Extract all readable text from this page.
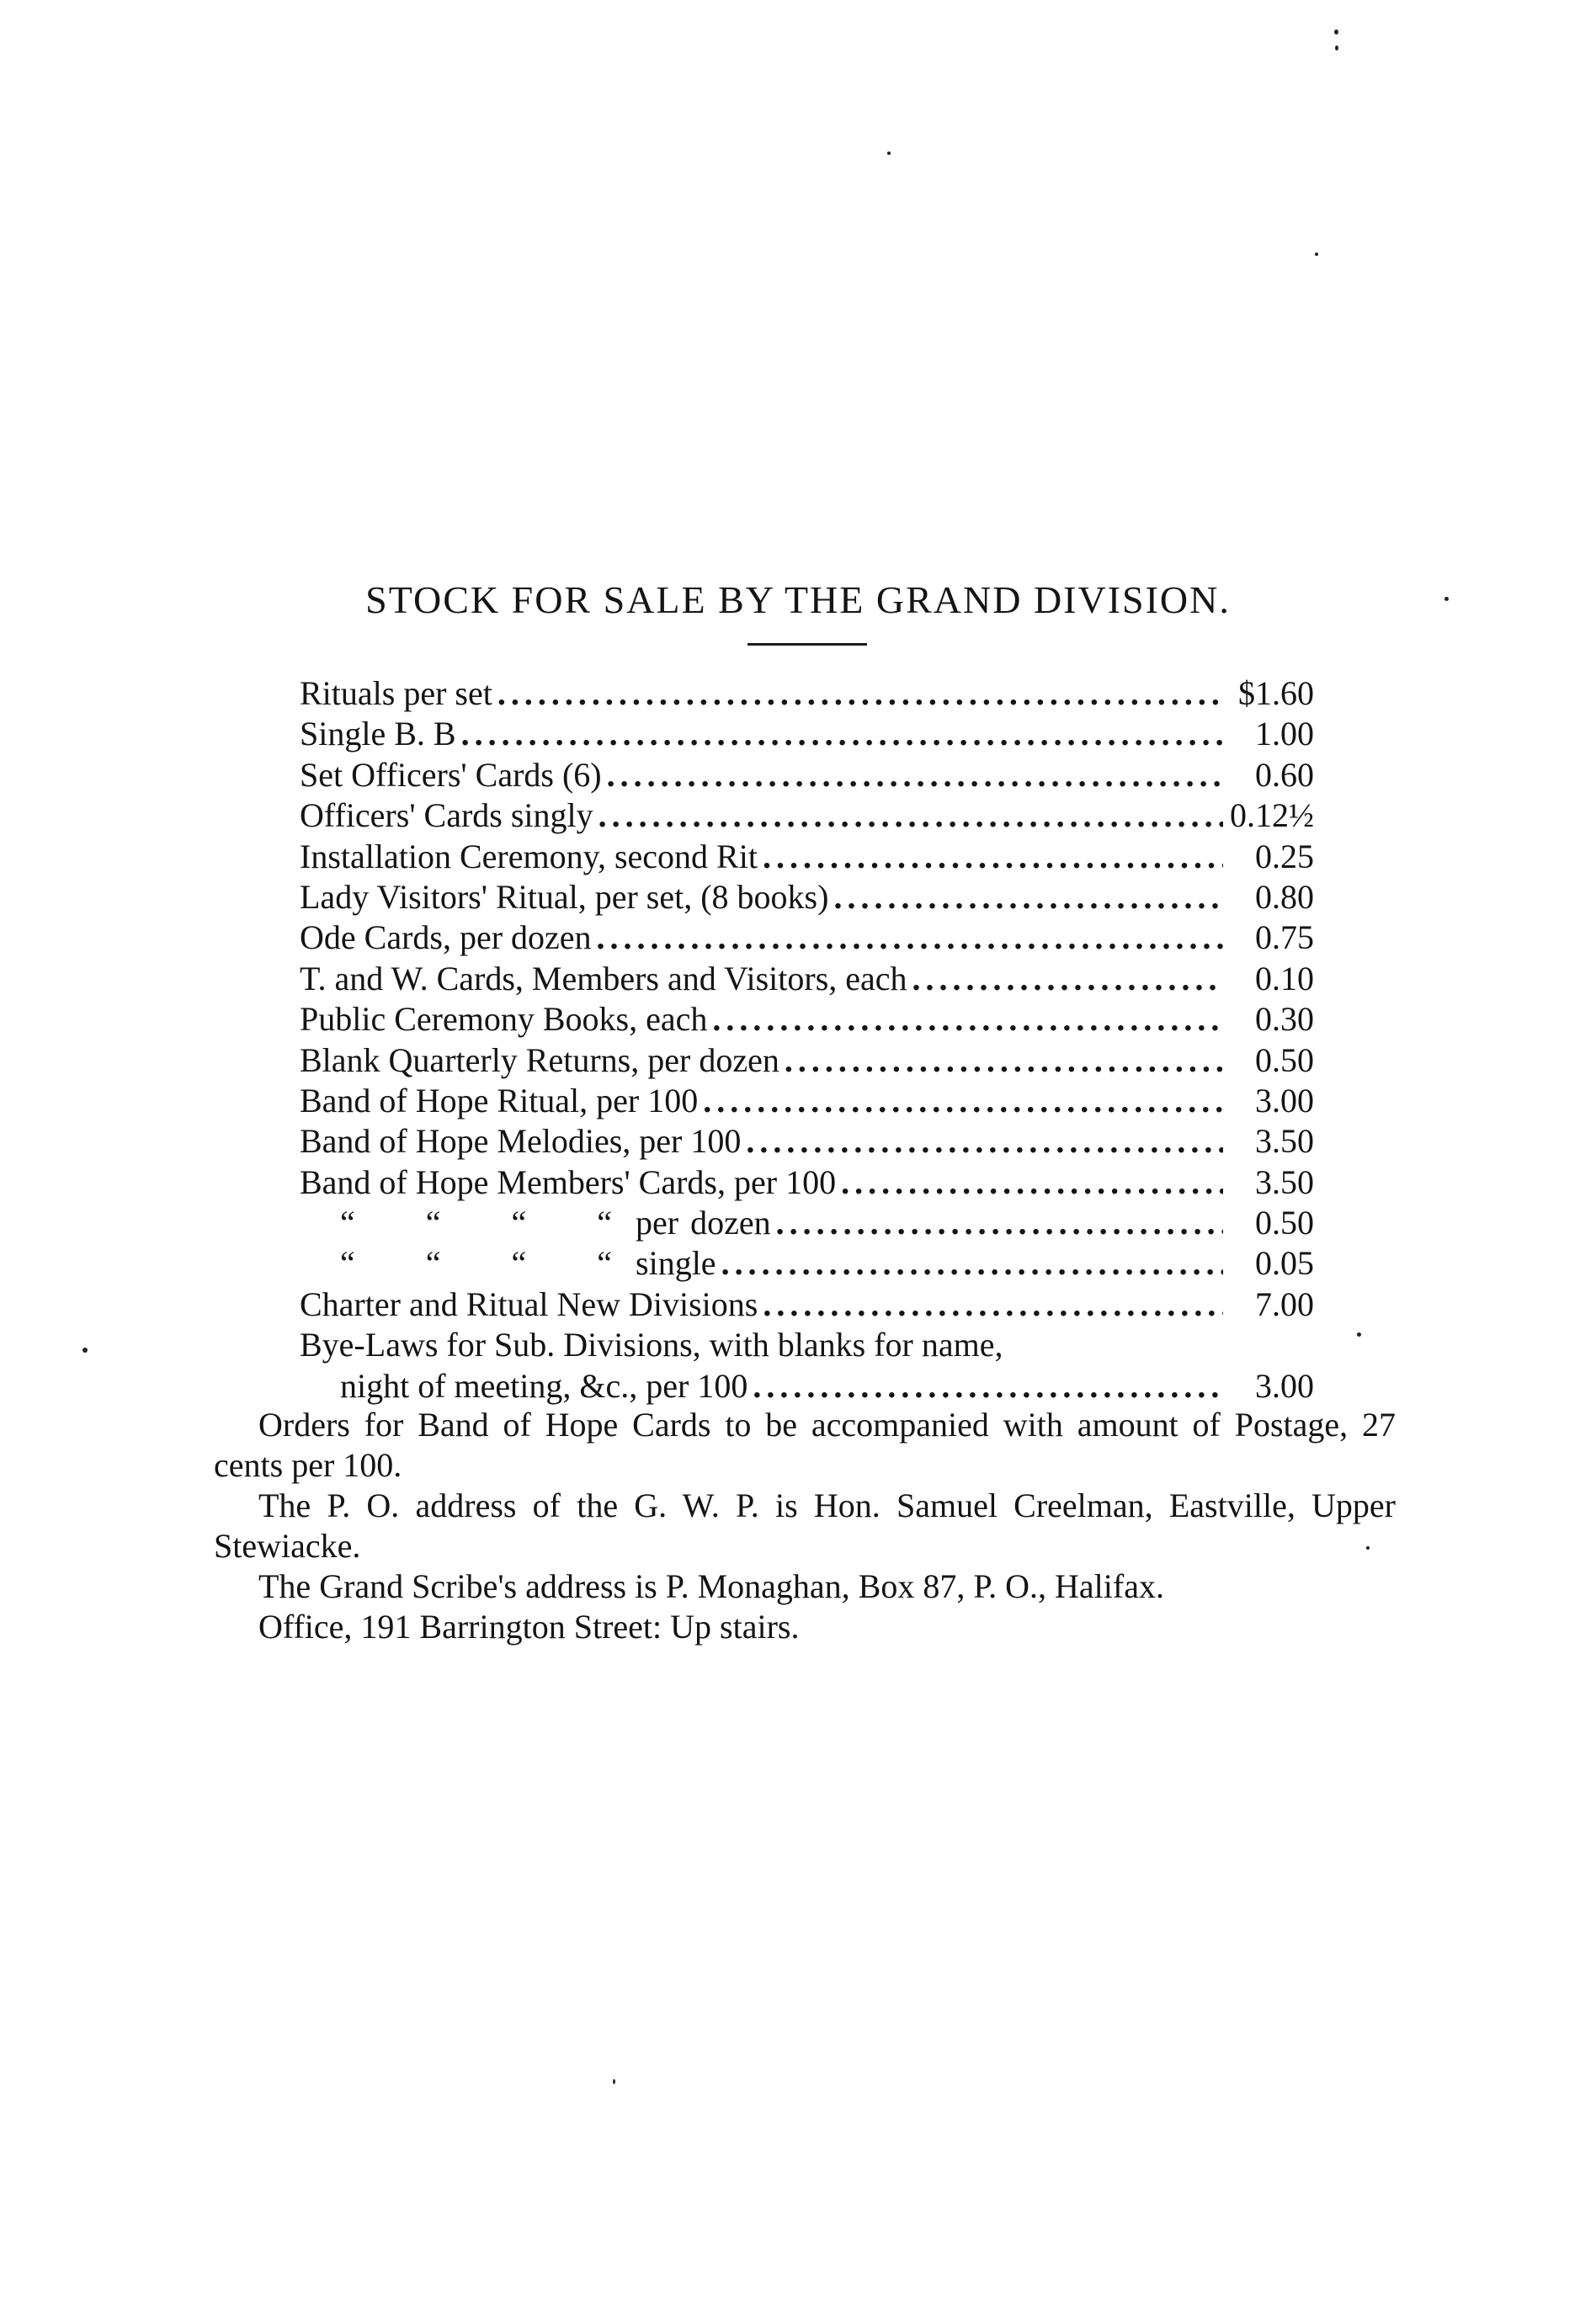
STOCK FOR SALE BY THE GRAND DIVISION.
Rituals per set . . .	$1.60
Single B. B . . .	1.00
Set Officers' Cards (6) . . .	0.60
Officers' Cards singly . . .	0.12½
Installation Ceremony, second Rit . . .	0.25
Lady Visitors' Ritual, per set, (8 books) . . .	0.80
Ode Cards, per dozen . . .	0.75
T. and W. Cards, Members and Visitors, each . . .	0.10
Public Ceremony Books, each . . .	0.30
Blank Quarterly Returns, per dozen . . .	0.50
Band of Hope Ritual, per 100 . . .	3.00
Band of Hope Melodies, per 100 . . .	3.50
Band of Hope Members' Cards, per 100 . . .	3.50
“      “      “      “  per dozen . . .	0.50
“      “      “      “  single . . .	0.05
Charter and Ritual New Divisions . . .	7.00
Bye-Laws for Sub. Divisions, with blanks for name,
night of meeting, &c., per 100 . . .	3.00

Orders for Band of Hope Cards to be accompanied with amount of Postage, 27 cents per 100.

The P. O. address of the G. W. P. is Hon. Samuel Creelman, Eastville, Upper Stewiacke.

The Grand Scribe's address is P. Monaghan, Box 87, P. O., Halifax.

Office, 191 Barrington Street: Up stairs.
